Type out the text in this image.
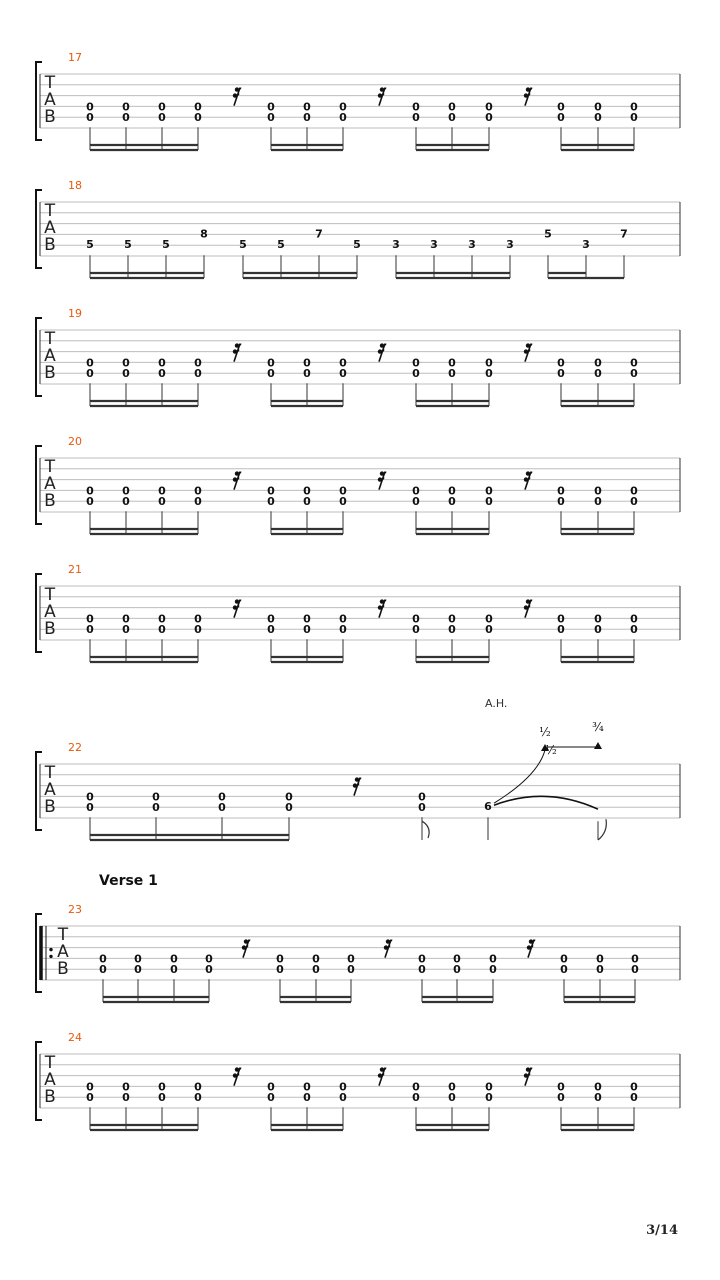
T
A
B
17
0
0
0
0
0
0
0
0
0
0
0
0
0
0
0
0
0
0
0
0
0
0
0
0
0
0
T
A
B
18
5	5	5
8
5	5
7
5	3	3	3	3
5
3
7
T
A
B
19
0
0
0
0
0
0
0
0
0
0
0
0
0
0
0
0
0
0
0
0
0
0
0
0
0
0
T
A
B
20
0
0
0
0
0
0
0
0
0
0
0
0
0
0
0
0
0
0
0
0
0
0
0
0
0
0
T
A
B
21
0
0
0
0
0
0
0
0
0
0
0
0
0
0
0
0
0
0
0
0
0
0
0
0
0
0
T
A
B
22
0
0
0
0
0
0
0
0
0
0	6
A.H.
½
½
¾
T
A
B
23
Verse 1
0
0
0
0
0
0
0
0
0
0
0
0
0
0
0
0
0
0
0
0
0
0
0
0
0
0
T
A
B
24
0
0
0
0
0
0
0
0
0
0
0
0
0
0
0
0
0
0
0
0
0
0
0
0
0
0
3/14
